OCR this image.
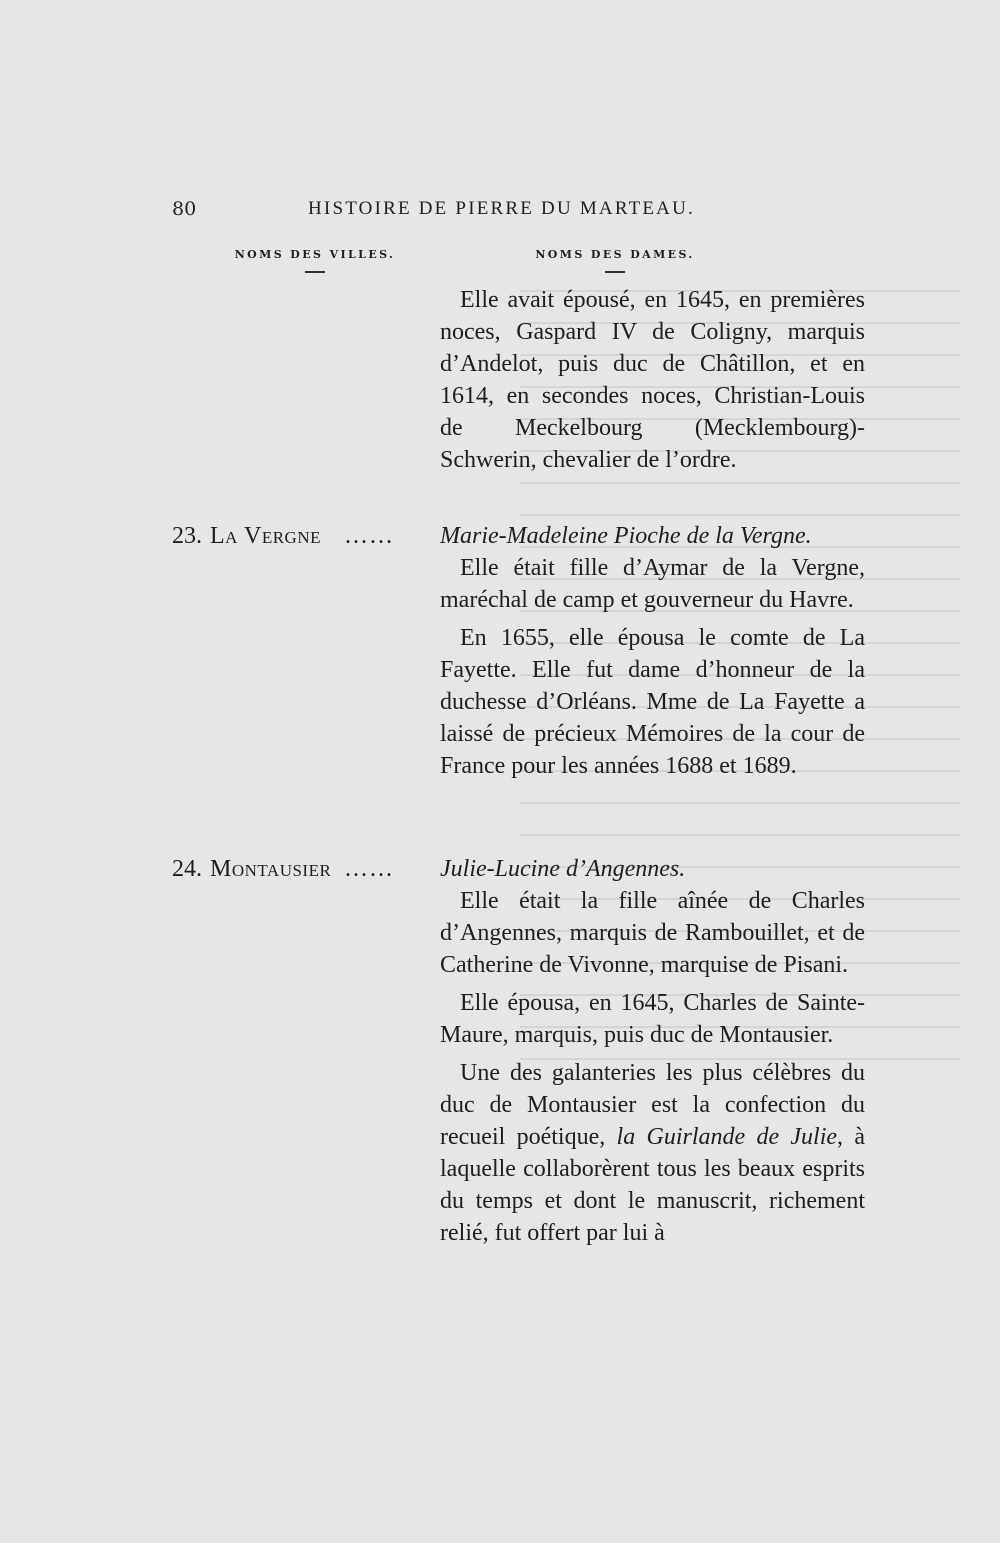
80	HISTOIRE DE PIERRE DU MARTEAU.
NOMS DES VILLES.	NOMS DES DAMES.

Elle avait épousé, en 1645, en premières noces, Gaspard IV de Coligny, marquis d’Andelot, puis duc de Châtillon, et en 1614, en secondes noces, Christian-Louis de Meckelbourg (Mecklembourg)-Schwerin, chevalier de l’ordre.

23. La Vergne …… Marie-Madeleine Pioche de la Vergne.

Elle était fille d’Aymar de la Vergne, maréchal de camp et gouverneur du Havre.

En 1655, elle épousa le comte de La Fayette. Elle fut dame d’honneur de la duchesse d’Orléans. Mme de La Fayette a laissé de précieux Mémoires de la cour de France pour les années 1688 et 1689.

24. Montausier …… Julie-Lucine d’Angennes.

Elle était la fille aînée de Charles d’Angennes, marquis de Rambouillet, et de Catherine de Vivonne, marquise de Pisani.

Elle épousa, en 1645, Charles de Sainte-Maure, marquis, puis duc de Montausier.

Une des galanteries les plus célèbres du duc de Montausier est la confection du recueil poétique, la Guirlande de Julie, à laquelle collaborèrent tous les beaux esprits du temps et dont le manuscrit, richement relié, fut offert par lui à
